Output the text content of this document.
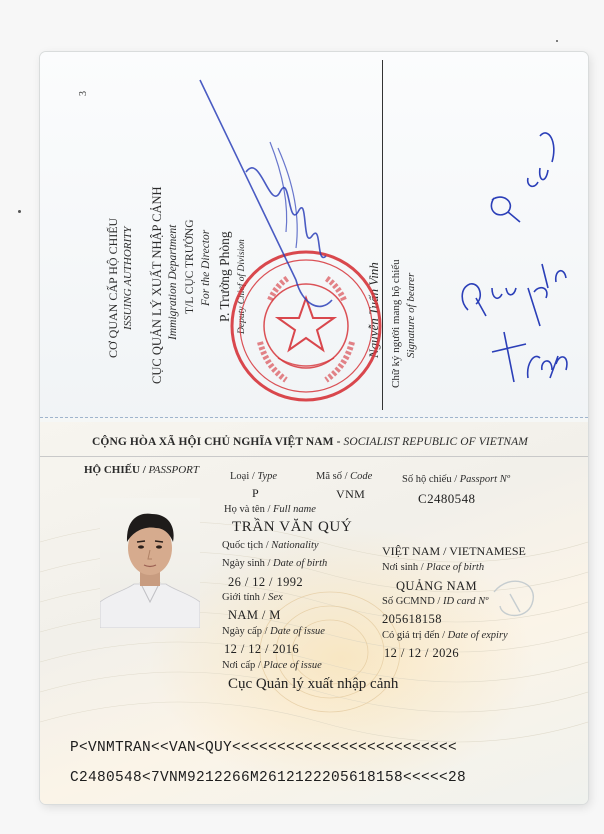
3
CƠ QUAN CẤP HỘ CHIẾU ISSUING AUTHORITY CỤC QUẢN LÝ XUẤT NHẬP CẢNH Immigration Department T/L CỤC TRƯỞNG For the Director P. Trưởng Phòng Deputy Chief of Division	Nguyễn Tuấn Vinh Chữ ký người mang hộ chiếu Signature of bearer
CỘNG HÒA XÃ HỘI CHỦ NGHĨA VIỆT NAM - SOCIALIST REPUBLIC OF VIETNAM
HỘ CHIẾU / PASSPORT
Loại / Type
P
Mã số / Code
VNM
Số hộ chiếu / Passport Nº
C2480548
Họ và tên / Full name
TRẦN VĂN QUÝ
Quốc tịch / Nationality	VIỆT NAM / VIETNAMESE
Ngày sinh / Date of birth
26 / 12 / 1992
Nơi sinh / Place of birth
QUẢNG NAM
Giới tính / Sex
NAM / M
Số GCMND / ID card Nº
205618158
Ngày cấp / Date of issue
12 / 12 / 2016
Có giá trị đến / Date of expiry
12 / 12 / 2026
Nơi cấp / Place of issue
Cục Quản lý xuất nhập cảnh
P<VNMTRAN<<VAN<QUY<<<<<<<<<<<<<<<<<<<<<<<<<
C2480548<7VNM9212266M2612122205618158<<<<<28
